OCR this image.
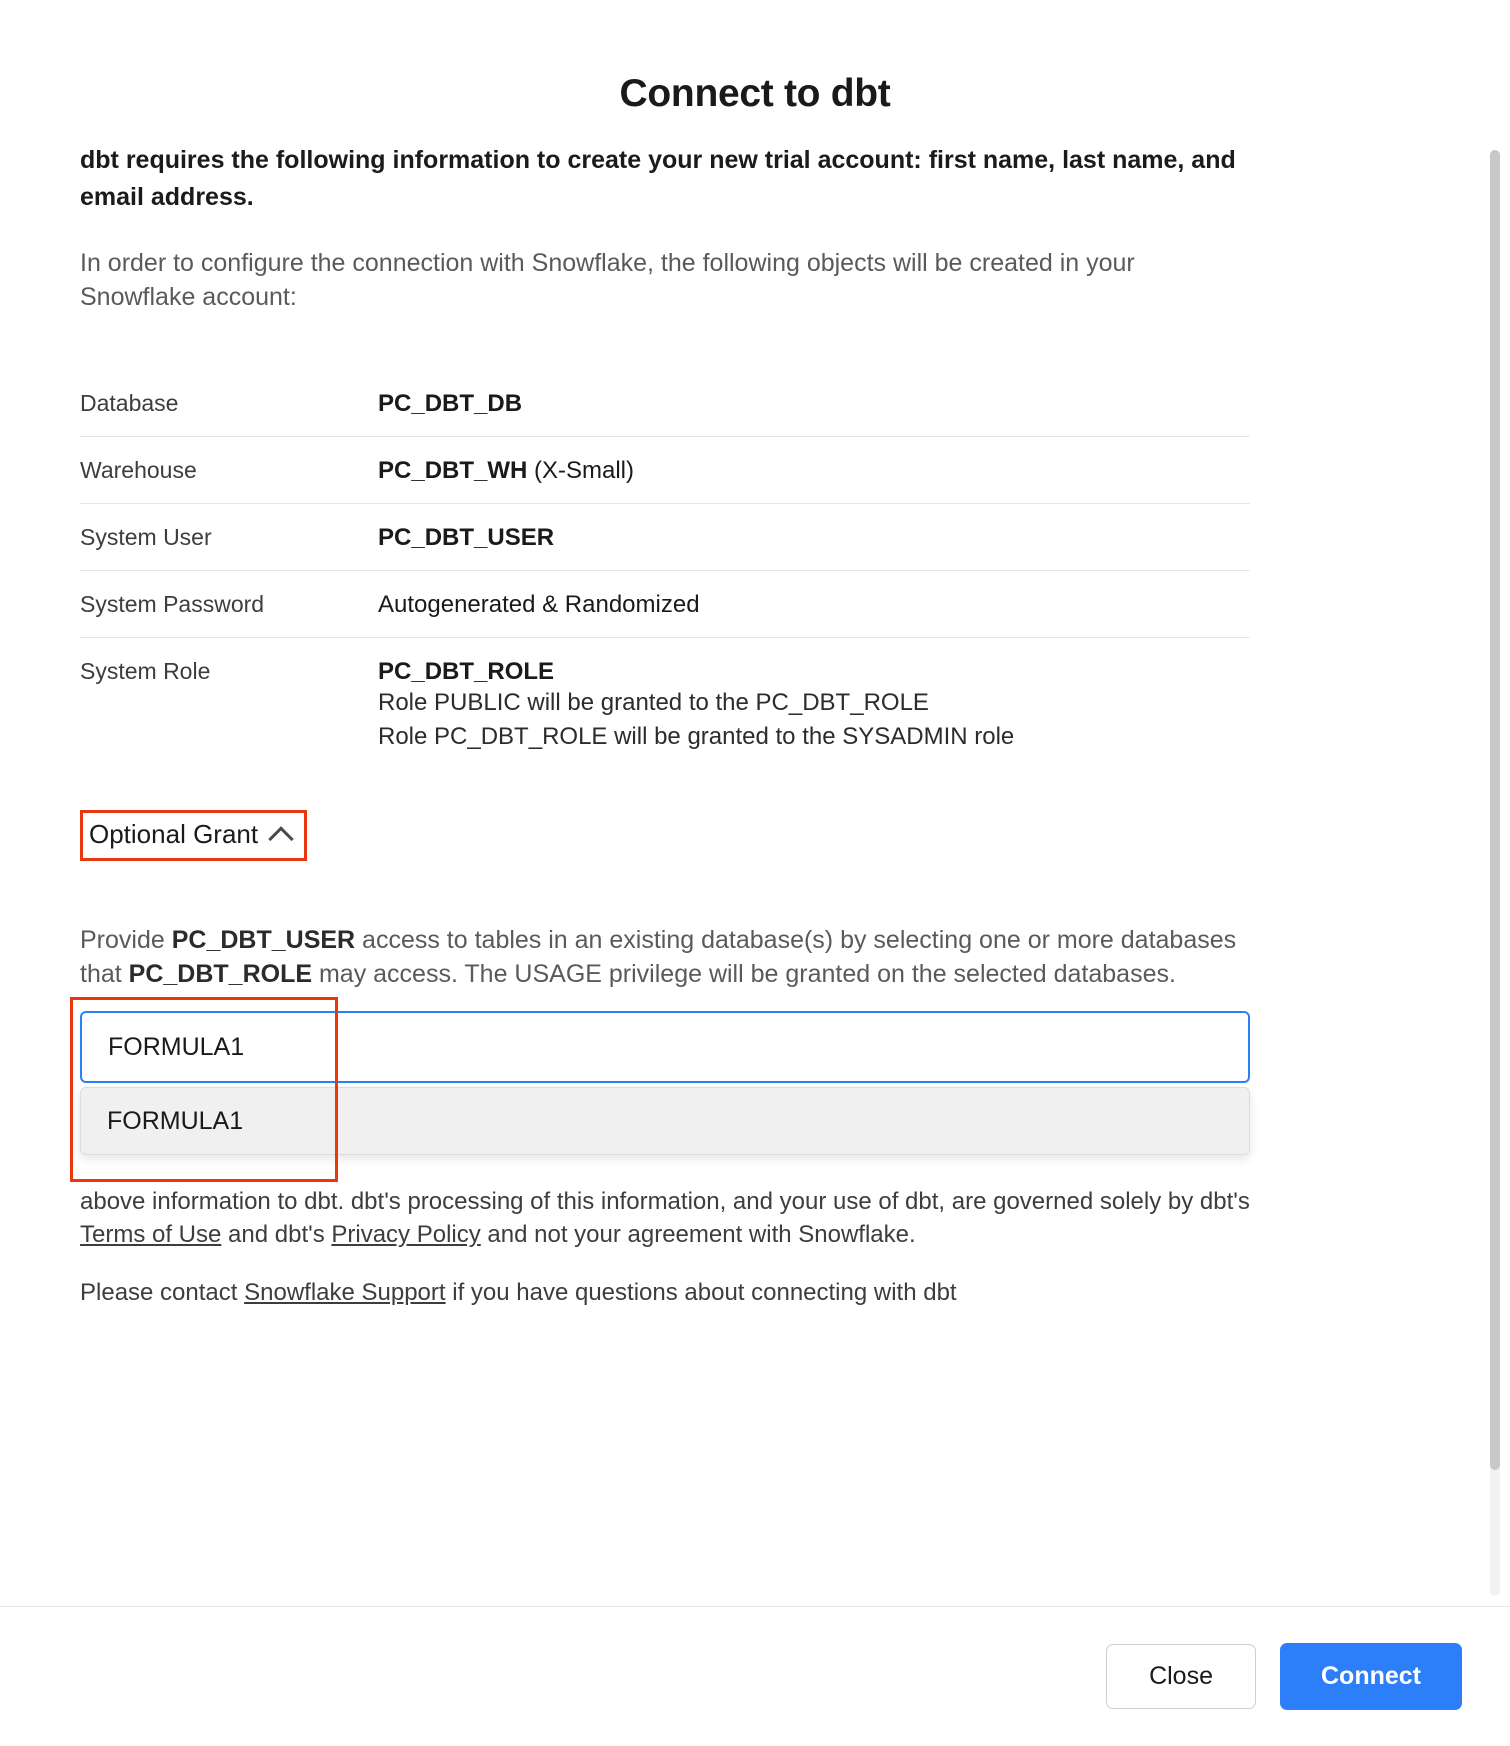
Connect to dbt
dbt requires the following information to create your new trial account: first name, last name, and email address.
In order to configure the connection with Snowflake, the following objects will be created in your Snowflake account:
Database	PC_DBT_DB
Warehouse	PC_DBT_WH (X-Small)
System User	PC_DBT_USER
System Password	Autogenerated & Randomized
System Role	PC_DBT_ROLE
Role PUBLIC will be granted to the PC_DBT_ROLE
Role PC_DBT_ROLE will be granted to the SYSADMIN role
Optional Grant
Provide PC_DBT_USER access to tables in an existing database(s) by selecting one or more databases that PC_DBT_ROLE may access. The USAGE privilege will be granted on the selected databases.
FORMULA1
FORMULA1
above information to dbt. dbt's processing of this information, and your use of dbt, are governed solely by dbt's Terms of Use and dbt's Privacy Policy and not your agreement with Snowflake.
Please contact Snowflake Support if you have questions about connecting with dbt
Close	Connect
